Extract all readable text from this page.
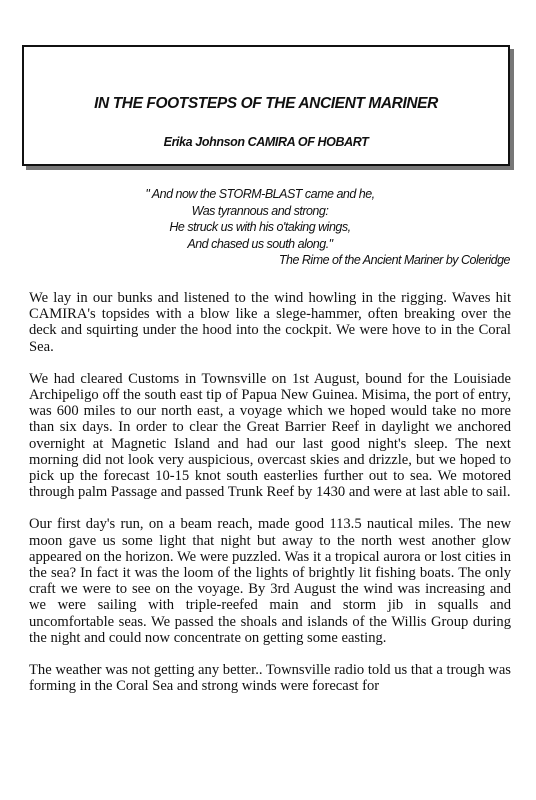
IN THE FOOTSTEPS OF THE ANCIENT MARINER
Erika Johnson CAMIRA OF HOBART
" And now the STORM-BLAST came and he,
Was tyrannous and strong:
He struck us with his o'taking wings,
And chased us south along."
The Rime of the Ancient Mariner by Coleridge

We lay in our bunks and listened to the wind howling in the rigging. Waves hit CAMIRA's topsides with a blow like a slege-hammer, often breaking over the deck and squirting under the hood into the cockpit. We were hove to in the Coral Sea.

We had cleared Customs in Townsville on 1st August, bound for the Louisiade Archipeligo off the south east tip of Papua New Guinea. Misima, the port of entry, was 600 miles to our north east, a voyage which we hoped would take no more than six days. In order to clear the Great Barrier Reef in daylight we anchored overnight at Magnetic Island and had our last good night's sleep. The next morning did not look very auspicious, overcast skies and drizzle, but we hoped to pick up the forecast 10-15 knot south easterlies further out to sea. We motored through palm Passage and passed Trunk Reef by 1430 and were at last able to sail.

Our first day's run, on a beam reach, made good 113.5 nautical miles. The new moon gave us some light that night but away to the north west another glow appeared on the horizon. We were puzzled. Was it a tropical aurora or lost cities in the sea? In fact it was the loom of the lights of brightly lit fishing boats. The only craft we were to see on the voyage. By 3rd August the wind was increasing and we were sailing with triple-reefed main and storm jib in squalls and uncomfortable seas. We passed the shoals and islands of the Willis Group during the night and could now concentrate on getting some easting.

The weather was not getting any better.. Townsville radio told us that a trough was forming in the Coral Sea and strong winds were forecast for
